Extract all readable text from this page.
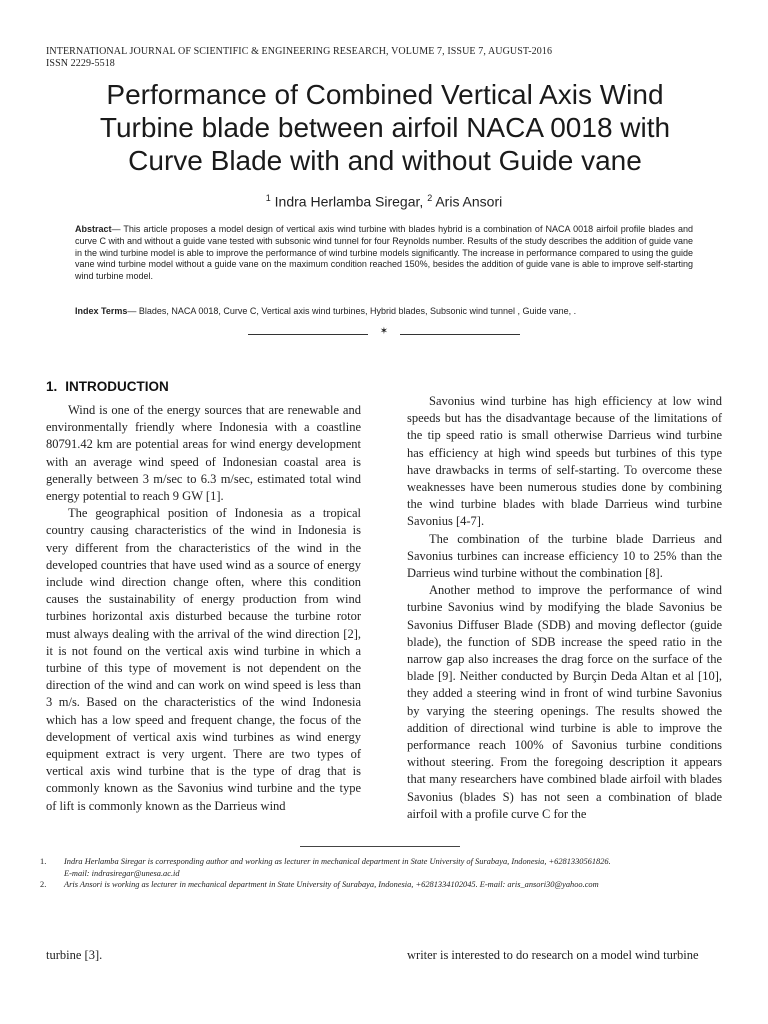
INTERNATIONAL JOURNAL OF SCIENTIFIC & ENGINEERING RESEARCH, VOLUME 7, ISSUE 7, AUGUST-2016
ISSN 2229-5518
Performance of Combined Vertical Axis Wind
Turbine blade between airfoil NACA 0018 with
Curve Blade with and without Guide vane
$^1$ Indra Herlamba Siregar, $^2$ Aris Ansori
Abstract— This article proposes a model design of vertical axis wind turbine with blades hybrid is a combination of NACA 0018 airfoil profile blades and curve C with and without a guide vane tested with subsonic wind tunnel for four Reynolds number. Results of the study describes the addition of guide vane in the wind turbine model is able to improve the performance of wind turbine models significantly. The increase in performance compared to using the guide vane wind turbine model without a guide vane on the maximum condition reached 150%, besides the addition of guide vane is able to improve self-starting wind turbine model.
Index Terms— Blades, NACA 0018, Curve C, Vertical axis wind turbines, Hybrid blades, Subsonic wind tunnel , Guide vane, .
✶
1. INTRODUCTION

Wind is one of the energy sources that are renewable and environmentally friendly where Indonesia with a coastline 80791.42 km are potential areas for wind energy development with an average wind speed of Indonesian coastal area is generally between 3 m/sec to 6.3 m/sec, estimated total wind energy potential to reach 9 GW [1].

The geographical position of Indonesia as a tropical country causing characteristics of the wind in Indonesia is very different from the characteristics of the wind in the developed countries that have used wind as a source of energy include wind direction change often, where this condition causes the sustainability of energy production from wind turbines horizontal axis disturbed because the turbine rotor must always dealing with the arrival of the wind direction [2], it is not found on the vertical axis wind turbine in which a turbine of this type of movement is not dependent on the direction of the wind and can work on wind speed is less than 3 m/s. Based on the characteristics of the wind Indonesia which has a low speed and frequent change, the focus of the development of vertical axis wind turbines as wind energy equipment extract is very urgent. There are two types of vertical axis wind turbine that is the type of drag that is commonly known as the Savonius wind turbine and the type of lift is commonly known as the Darrieus wind

Savonius wind turbine has high efficiency at low wind speeds but has the disadvantage because of the limitations of the tip speed ratio is small otherwise Darrieus wind turbine has efficiency at high wind speeds but turbines of this type have drawbacks in terms of self-starting. To overcome these weaknesses have been numerous studies done by combining the wind turbine blades with blade Darrieus wind turbine Savonius [4-7].

The combination of the turbine blade Darrieus and Savonius turbines can increase efficiency 10 to 25% than the Darrieus wind turbine without the combination [8].

Another method to improve the performance of wind turbine Savonius wind by modifying the blade Savonius be Savonius Diffuser Blade (SDB) and moving deflector (guide blade), the function of SDB increase the speed ratio in the narrow gap also increases the drag force on the surface of the blade [9]. Neither conducted by Burçin Deda Altan et al [10], they added a steering wind in front of wind turbine Savonius by varying the steering openings. The results showed the addition of directional wind turbine is able to improve the performance reach 100% of Savonius turbine conditions without steering. From the foregoing description it appears that many researchers have combined blade airfoil with blades Savonius (blades S) has not seen a combination of blade airfoil with a profile curve C for the

1. Indra Herlamba Siregar is corresponding author and working as lecturer in mechanical department in State University of Surabaya, Indonesia, +6281330561826.
E-mail: indrasiregar@unesa.ac.id
2. Aris Ansori is working as lecturer in mechanical department in State University of Surabaya, Indonesia, +6281334102045. E-mail: aris_ansori30@yahoo.com
turbine [3].	writer is interested to do research on a model wind turbine
